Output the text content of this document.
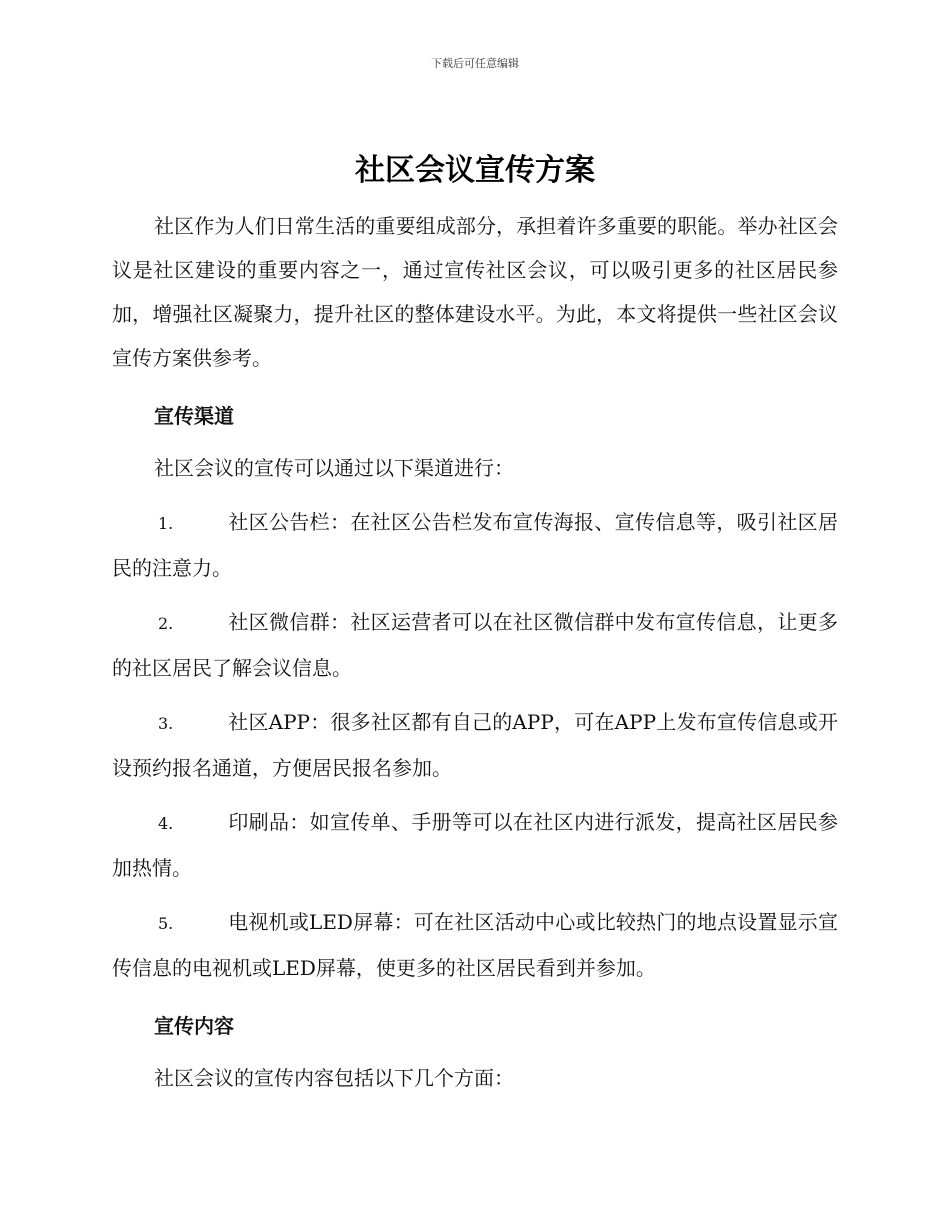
下载后可任意编辑
社区会议宣传方案

社区作为人们日常生活的重要组成部分，承担着许多重要的职能。举办社区会议是社区建设的重要内容之一，通过宣传社区会议，可以吸引更多的社区居民参加，增强社区凝聚力，提升社区的整体建设水平。为此，本文将提供一些社区会议宣传方案供参考。

宣传渠道

社区会议的宣传可以通过以下渠道进行：

1.	社区公告栏：在社区公告栏发布宣传海报、宣传信息等，吸引社区居民的注意力。

2.	社区微信群：社区运营者可以在社区微信群中发布宣传信息，让更多的社区居民了解会议信息。

3.	社区APP：很多社区都有自己的APP，可在APP上发布宣传信息或开设预约报名通道，方便居民报名参加。

4.	印刷品：如宣传单、手册等可以在社区内进行派发，提高社区居民参加热情。

5.	电视机或LED屏幕：可在社区活动中心或比较热门的地点设置显示宣传信息的电视机或LED屏幕，使更多的社区居民看到并参加。

宣传内容

社区会议的宣传内容包括以下几个方面：
